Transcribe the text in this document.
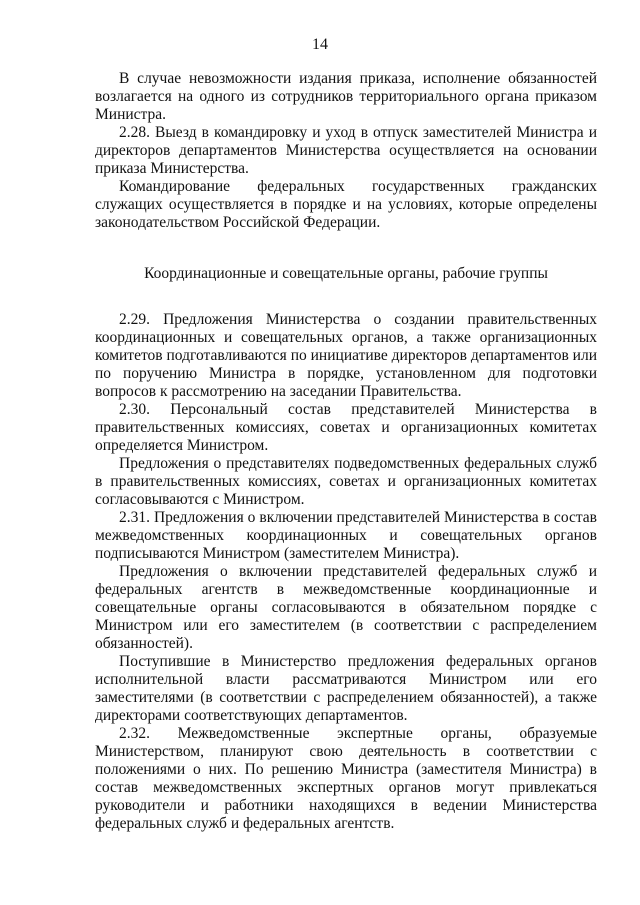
14

В случае невозможности издания приказа, исполнение обязанностей возлагается на одного из сотрудников территориального органа приказом Министра.

2.28. Выезд в командировку и уход в отпуск заместителей Министра и директоров департаментов Министерства осуществляется на основании приказа Министерства.

Командирование федеральных государственных гражданских служащих осуществляется в порядке и на условиях, которые определены законодательством Российской Федерации.

Координационные и совещательные органы, рабочие группы

2.29. Предложения Министерства о создании правительственных координационных и совещательных органов, а также организационных комитетов подготавливаются по инициативе директоров департаментов или по поручению Министра в порядке, установленном для подготовки вопросов к рассмотрению на заседании Правительства.

2.30. Персональный состав представителей Министерства в правительственных комиссиях, советах и организационных комитетах определяется Министром.

Предложения о представителях подведомственных федеральных служб в правительственных комиссиях, советах и организационных комитетах согласовываются с Министром.

2.31. Предложения о включении представителей Министерства в состав межведомственных координационных и совещательных органов подписываются Министром (заместителем Министра).

Предложения о включении представителей федеральных служб и федеральных агентств в межведомственные координационные и совещательные органы согласовываются в обязательном порядке с Министром или его заместителем (в соответствии с распределением обязанностей).

Поступившие в Министерство предложения федеральных органов исполнительной власти рассматриваются Министром или его заместителями (в соответствии с распределением обязанностей), а также директорами соответствующих департаментов.

2.32. Межведомственные экспертные органы, образуемые Министерством, планируют свою деятельность в соответствии с положениями о них. По решению Министра (заместителя Министра) в состав межведомственных экспертных органов могут привлекаться руководители и работники находящихся в ведении Министерства федеральных служб и федеральных агентств.
